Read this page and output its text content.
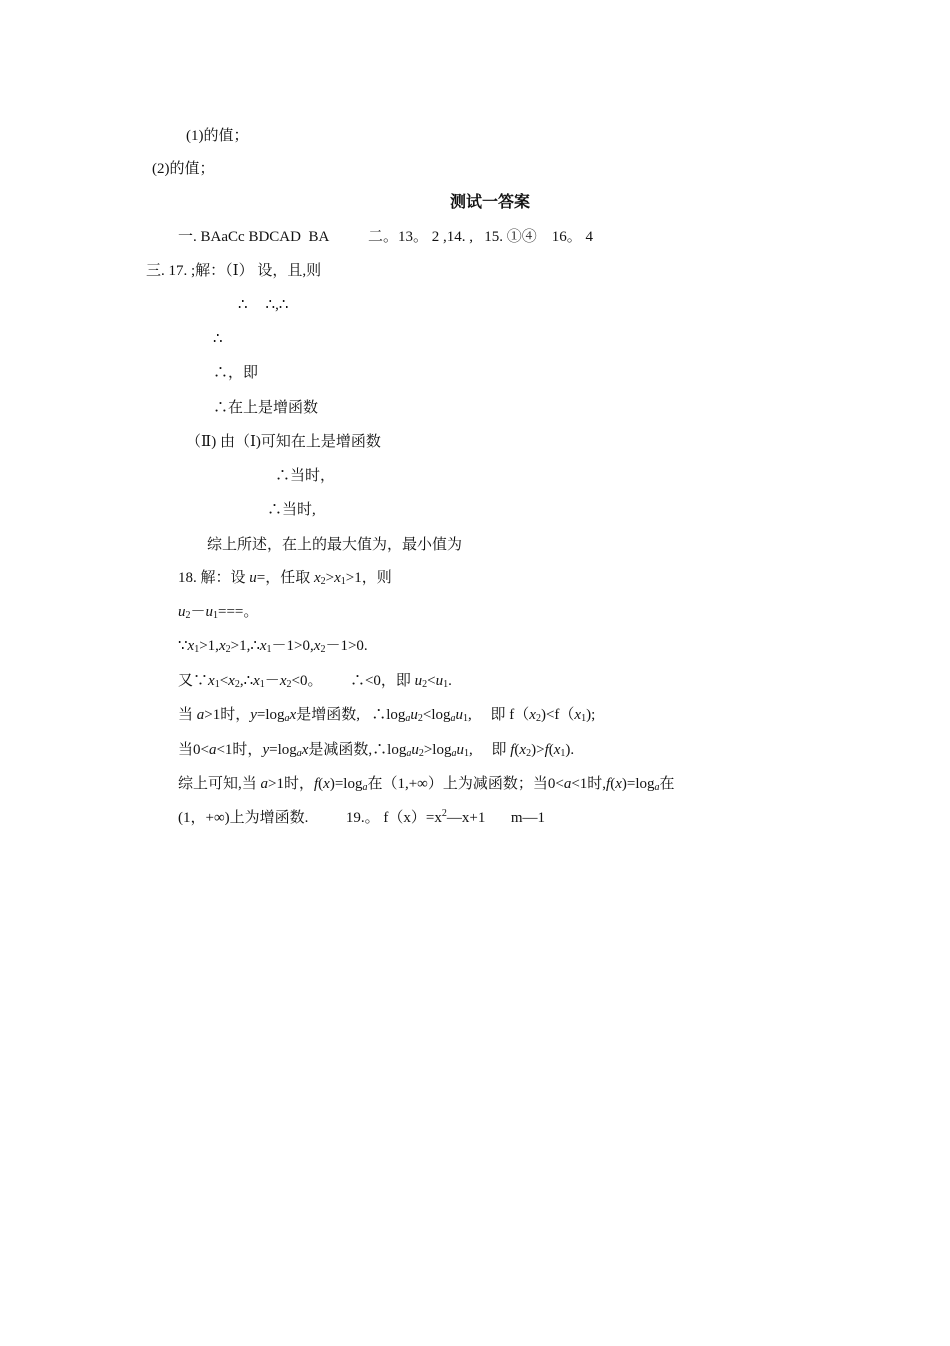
(1)的值；
(2)的值；
测试一答案
一. BAaCc BDCAD BA	二。13。 2 ,14. , 15. ①④ 16。 4
三. 17. ;解：（Ⅰ） 设，且,则
∴ ∴,∴
∴
∴，即
∴在上是增函数
（Ⅱ) 由（Ⅰ)可知在上是增函数
∴当时，
∴当时,
综上所述，在上的最大值为，最小值为
18. 解：设 u=，任取 $x_2>x_1>1$，则
$u_2-u_1===$。
$\because x_1>1,x_2>1,\therefore x_1-1>0,x_2-1>0$.
又$\because x_1<x_2,\therefore x_1-x_2<0$。 ∴<0，即 $u_2<u_1$.
当 a>1时，$y=\log_ax$是增函数, $\therefore\log_au_2<\log_au_1$, 即 $f(x_2)<f(x_1)$;
当0<a<1时，$y=\log_ax$是减函数$,\therefore\log_au_2>\log_au_1$, 即 $f(x_2)>f(x_1)$.
综上可知,当 a>1时，$f(x)=\log_a$在（1,+∞）上为减函数；当0<a<1时$,f(x)=\log_a$在
(1，+∞)上为增函数.	19.。 $f(x)=x^2—x+1$ m—1
